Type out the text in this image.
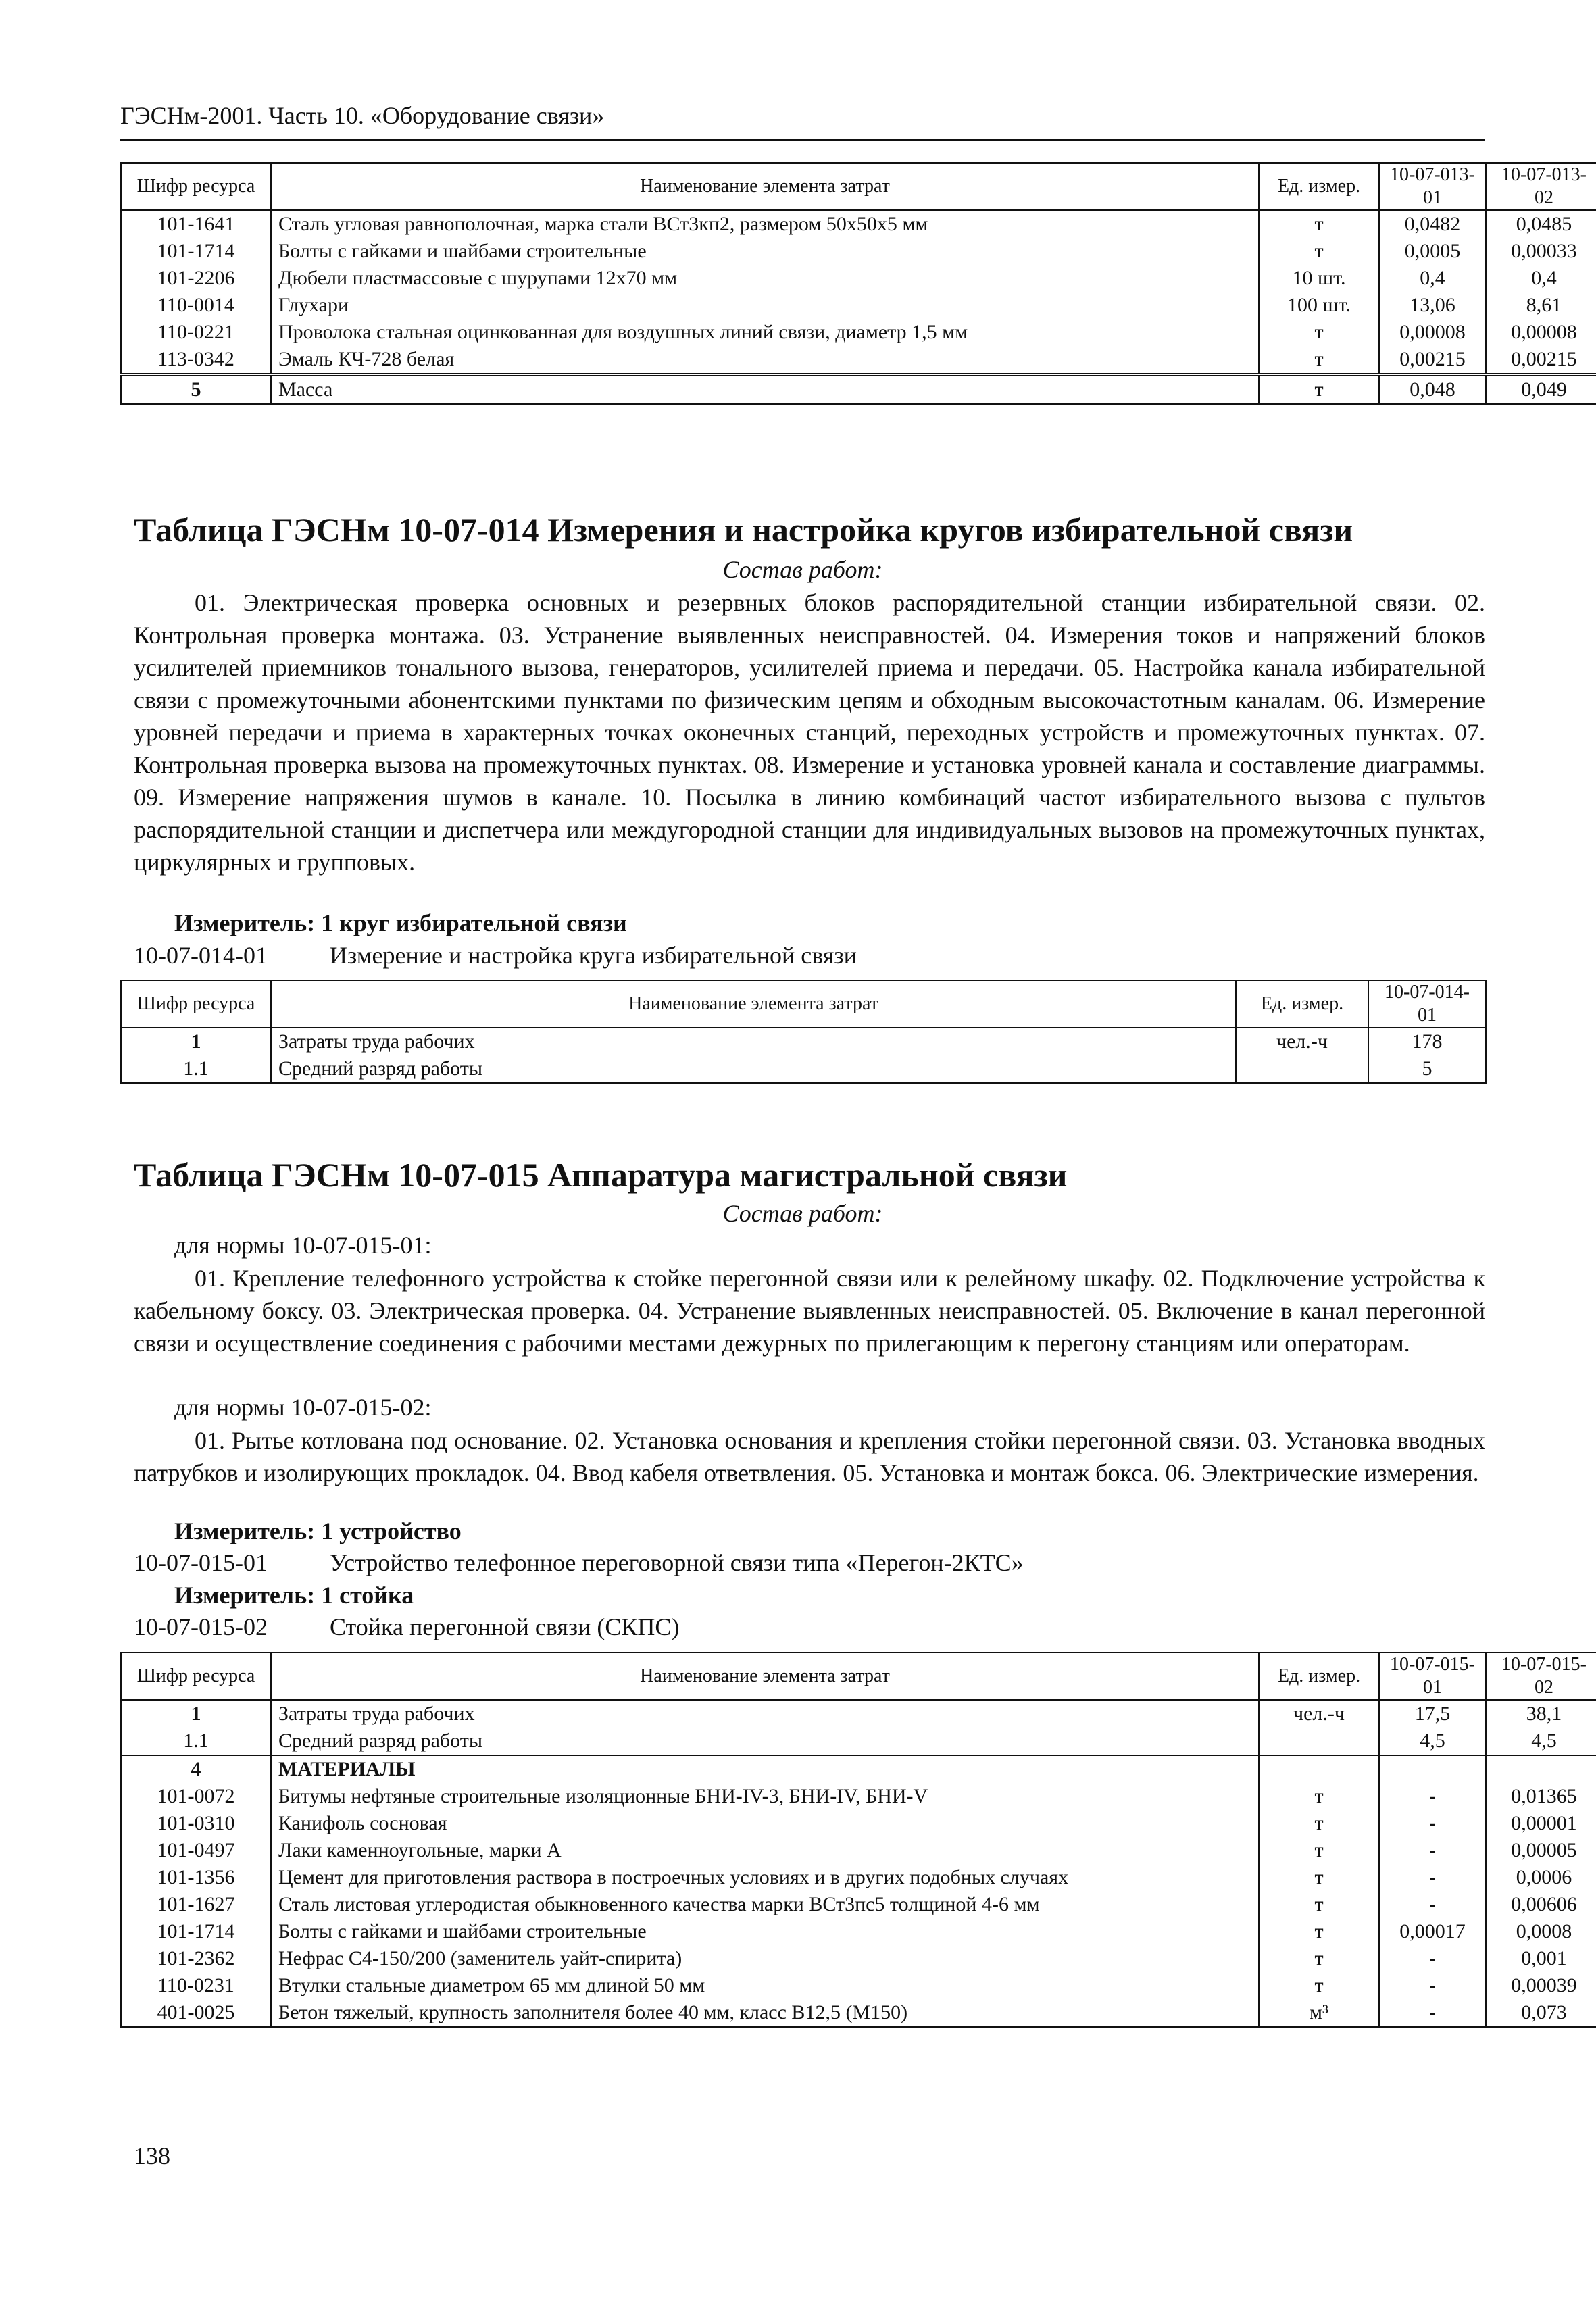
ГЭСНм-2001. Часть 10. «Оборудование связи»
Шифр ресурса	Наименование элемента затрат	Ед. измер.	10-07-013-01	10-07-013-02
101-1641	Сталь угловая равнополочная, марка стали ВСт3кп2, размером 50х50х5 мм	т	0,0482	0,0485
101-1714	Болты с гайками и шайбами строительные	т	0,0005	0,00033
101-2206	Дюбели пластмассовые с шурупами 12х70 мм	10 шт.	0,4	0,4
110-0014	Глухари	100 шт.	13,06	8,61
110-0221	Проволока стальная оцинкованная для воздушных линий связи, диаметр 1,5 мм	т	0,00008	0,00008
113-0342	Эмаль КЧ-728 белая	т	0,00215	0,00215
5	Масса	т	0,048	0,049
Таблица ГЭСНм 10-07-014 Измерения и настройка кругов избирательной связи
Состав работ:
01. Электрическая проверка основных и резервных блоков распорядительной станции избирательной связи. 02. Контрольная проверка монтажа. 03. Устранение выявленных неисправностей. 04. Измерения токов и напряжений блоков усилителей приемников тонального вызова, генераторов, усилителей приема и передачи. 05. Настройка канала избирательной связи с промежуточными абонентскими пунктами по физическим цепям и обходным высокочастотным каналам. 06. Измерение уровней передачи и приема в характерных точках оконечных станций, переходных устройств и промежуточных пунктах. 07. Контрольная проверка вызова на промежуточных пунктах. 08. Измерение и установка уровней канала и составление диаграммы. 09. Измерение напряжения шумов в канале. 10. Посылка в линию комбинаций частот избирательного вызова с пультов распорядительной станции и диспетчера или междугородной станции для индивидуальных вызовов на промежуточных пунктах, циркулярных и групповых.
Измеритель: 1 круг избирательной связи
10-07-014-01	Измерение и настройка круга избирательной связи
Шифр ресурса	Наименование элемента затрат	Ед. измер.	10-07-014-01
1	Затраты труда рабочих	чел.-ч	178
1.1	Средний разряд работы		5
Таблица ГЭСНм 10-07-015 Аппаратура магистральной связи
Состав работ:
для нормы 10-07-015-01:
01. Крепление телефонного устройства к стойке перегонной связи или к релейному шкафу. 02. Подключение устройства к кабельному боксу. 03. Электрическая проверка. 04. Устранение выявленных неисправностей. 05. Включение в канал перегонной связи и осуществление соединения с рабочими местами дежурных по прилегающим к перегону станциям или операторам.
для нормы 10-07-015-02:
01. Рытье котлована под основание. 02. Установка основания и крепления стойки перегонной связи. 03. Установка вводных патрубков и изолирующих прокладок. 04. Ввод кабеля ответвления. 05. Установка и монтаж бокса. 06. Электрические измерения.
Измеритель: 1 устройство
10-07-015-01	Устройство телефонное переговорной связи типа «Перегон-2КТС»
Измеритель: 1 стойка
10-07-015-02	Стойка перегонной связи (СКПС)
Шифр ресурса	Наименование элемента затрат	Ед. измер.	10-07-015-01	10-07-015-02
1	Затраты труда рабочих	чел.-ч	17,5	38,1
1.1	Средний разряд работы		4,5	4,5
4	МАТЕРИАЛЫ			
101-0072	Битумы нефтяные строительные изоляционные БНИ-IV-3, БНИ-IV, БНИ-V	т	-	0,01365
101-0310	Канифоль сосновая	т	-	0,00001
101-0497	Лаки каменноугольные, марки А	т	-	0,00005
101-1356	Цемент для приготовления раствора в построечных условиях и в других подобных случаях	т	-	0,0006
101-1627	Сталь листовая углеродистая обыкновенного качества марки ВСт3пс5 толщиной 4-6 мм	т	-	0,00606
101-1714	Болты с гайками и шайбами строительные	т	0,00017	0,0008
101-2362	Нефрас С4-150/200 (заменитель уайт-спирита)	т	-	0,001
110-0231	Втулки стальные диаметром 65 мм длиной 50 мм	т	-	0,00039
401-0025	Бетон тяжелый, крупность заполнителя более 40 мм, класс В12,5 (М150)	м³	-	0,073
138
